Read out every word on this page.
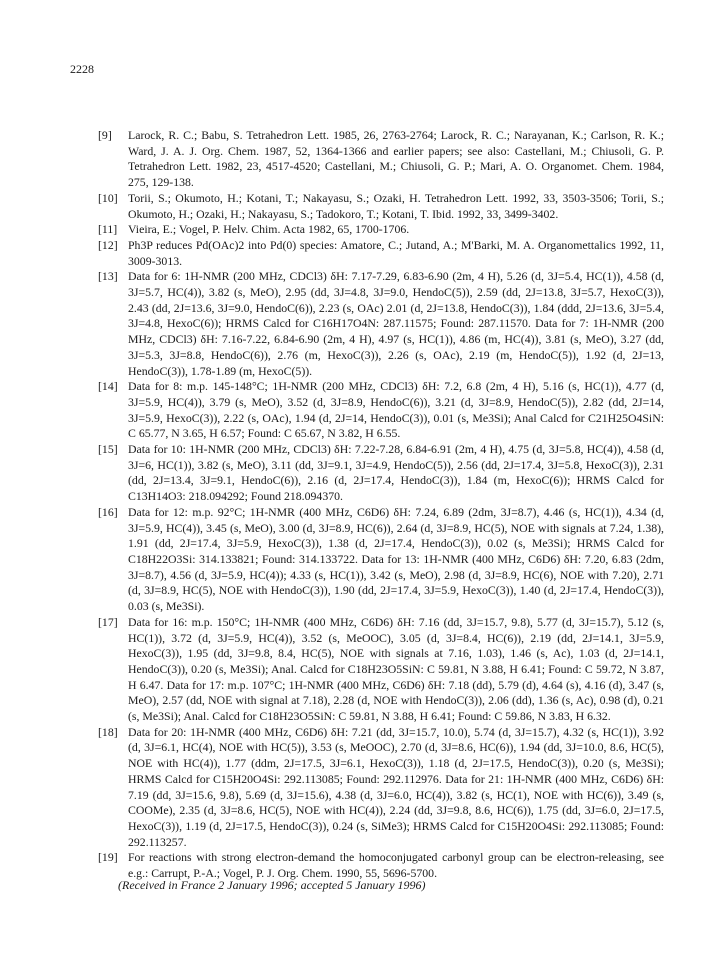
2228
[9] Larock, R. C.; Babu, S. Tetrahedron Lett. 1985, 26, 2763-2764; Larock, R. C.; Narayanan, K.; Carlson, R. K.; Ward, J. A. J. Org. Chem. 1987, 52, 1364-1366 and earlier papers; see also: Castellani, M.; Chiusoli, G. P. Tetrahedron Lett. 1982, 23, 4517-4520; Castellani, M.; Chiusoli, G. P.; Mari, A. O. Organomet. Chem. 1984, 275, 129-138.
[10] Torii, S.; Okumoto, H.; Kotani, T.; Nakayasu, S.; Ozaki, H. Tetrahedron Lett. 1992, 33, 3503-3506; Torii, S.; Okumoto, H.; Ozaki, H.; Nakayasu, S.; Tadokoro, T.; Kotani, T. Ibid. 1992, 33, 3499-3402.
[11] Vieira, E.; Vogel, P. Helv. Chim. Acta 1982, 65, 1700-1706.
[12] Ph3P reduces Pd(OAc)2 into Pd(0) species: Amatore, C.; Jutand, A.; M'Barki, M. A. Organomettalics 1992, 11, 3009-3013.
[13] Data for 6: 1H-NMR (200 MHz, CDCl3) δH: 7.17-7.29, 6.83-6.90 (2m, 4 H), 5.26 (d, 3J=5.4, HC(1)), 4.58 (d, 3J=5.7, HC(4)), 3.82 (s, MeO), 2.95 (dd, 3J=4.8, 3J=9.0, HendoC(5)), 2.59 (dd, 2J=13.8, 3J=5.7, HexoC(3)), 2.43 (dd, 2J=13.6, 3J=9.0, HendoC(6)), 2.23 (s, OAc) 2.01 (d, 2J=13.8, HendoC(3)), 1.84 (ddd, 2J=13.6, 3J=5.4, 3J=4.8, HexoC(6)); HRMS Calcd for C16H17O4N: 287.11575; Found: 287.11570. Data for 7: 1H-NMR (200 MHz, CDCl3) δH: 7.16-7.22, 6.84-6.90 (2m, 4 H), 4.97 (s, HC(1)), 4.86 (m, HC(4)), 3.81 (s, MeO), 3.27 (dd, 3J=5.3, 3J=8.8, HendoC(6)), 2.76 (m, HexoC(3)), 2.26 (s, OAc), 2.19 (m, HendoC(5)), 1.92 (d, 2J=13, HendoC(3)), 1.78-1.89 (m, HexoC(5)).
[14] Data for 8: m.p. 145-148°C; 1H-NMR (200 MHz, CDCl3) δH: 7.2, 6.8 (2m, 4 H), 5.16 (s, HC(1)), 4.77 (d, 3J=5.9, HC(4)), 3.79 (s, MeO), 3.52 (d, 3J=8.9, HendoC(6)), 3.21 (d, 3J=8.9, HendoC(5)), 2.82 (dd, 2J=14, 3J=5.9, HexoC(3)), 2.22 (s, OAc), 1.94 (d, 2J=14, HendoC(3)), 0.01 (s, Me3Si); Anal Calcd for C21H25O4SiN: C 65.77, N 3.65, H 6.57; Found: C 65.67, N 3.82, H 6.55.
[15] Data for 10: 1H-NMR (200 MHz, CDCl3) δH: 7.22-7.28, 6.84-6.91 (2m, 4 H), 4.75 (d, 3J=5.8, HC(4)), 4.58 (d, 3J=6, HC(1)), 3.82 (s, MeO), 3.11 (dd, 3J=9.1, 3J=4.9, HendoC(5)), 2.56 (dd, 2J=17.4, 3J=5.8, HexoC(3)), 2.31 (dd, 2J=13.4, 3J=9.1, HendoC(6)), 2.16 (d, 2J=17.4, HendoC(3)), 1.84 (m, HexoC(6)); HRMS Calcd for C13H14O3: 218.094292; Found 218.094370.
[16] Data for 12: m.p. 92°C; 1H-NMR (400 MHz, C6D6) δH: 7.24, 6.89 (2dm, 3J=8.7), 4.46 (s, HC(1)), 4.34 (d, 3J=5.9, HC(4)), 3.45 (s, MeO), 3.00 (d, 3J=8.9, HC(6)), 2.64 (d, 3J=8.9, HC(5), NOE with signals at 7.24, 1.38), 1.91 (dd, 2J=17.4, 3J=5.9, HexoC(3)), 1.38 (d, 2J=17.4, HendoC(3)), 0.02 (s, Me3Si); HRMS Calcd for C18H22O3Si: 314.133821; Found: 314.133722. Data for 13: 1H-NMR (400 MHz, C6D6) δH: 7.20, 6.83 (2dm, 3J=8.7), 4.56 (d, 3J=5.9, HC(4)); 4.33 (s, HC(1)), 3.42 (s, MeO), 2.98 (d, 3J=8.9, HC(6), NOE with 7.20), 2.71 (d, 3J=8.9, HC(5), NOE with HendoC(3)), 1.90 (dd, 2J=17.4, 3J=5.9, HexoC(3)), 1.40 (d, 2J=17.4, HendoC(3)), 0.03 (s, Me3Si).
[17] Data for 16: m.p. 150°C; 1H-NMR (400 MHz, C6D6) δH: 7.16 (dd, 3J=15.7, 9.8), 5.77 (d, 3J=15.7), 5.12 (s, HC(1)), 3.72 (d, 3J=5.9, HC(4)), 3.52 (s, MeOOC), 3.05 (d, 3J=8.4, HC(6)), 2.19 (dd, 2J=14.1, 3J=5.9, HexoC(3)), 1.95 (dd, 3J=9.8, 8.4, HC(5), NOE with signals at 7.16, 1.03), 1.46 (s, Ac), 1.03 (d, 2J=14.1, HendoC(3)), 0.20 (s, Me3Si); Anal. Calcd for C18H23O5SiN: C 59.81, N 3.88, H 6.41; Found: C 59.72, N 3.87, H 6.47. Data for 17: m.p. 107°C; 1H-NMR (400 MHz, C6D6) δH: 7.18 (dd), 5.79 (d), 4.64 (s), 4.16 (d), 3.47 (s, MeO), 2.57 (dd, NOE with signal at 7.18), 2.28 (d, NOE with HendoC(3)), 2.06 (dd), 1.36 (s, Ac), 0.98 (d), 0.21 (s, Me3Si); Anal. Calcd for C18H23O5SiN: C 59.81, N 3.88, H 6.41; Found: C 59.86, N 3.83, H 6.32.
[18] Data for 20: 1H-NMR (400 MHz, C6D6) δH: 7.21 (dd, 3J=15.7, 10.0), 5.74 (d, 3J=15.7), 4.32 (s, HC(1)), 3.92 (d, 3J=6.1, HC(4), NOE with HC(5)), 3.53 (s, MeOOC), 2.70 (d, 3J=8.6, HC(6)), 1.94 (dd, 3J=10.0, 8.6, HC(5), NOE with HC(4)), 1.77 (ddm, 2J=17.5, 3J=6.1, HexoC(3)), 1.18 (d, 2J=17.5, HendoC(3)), 0.20 (s, Me3Si); HRMS Calcd for C15H20O4Si: 292.113085; Found: 292.112976. Data for 21: 1H-NMR (400 MHz, C6D6) δH: 7.19 (dd, 3J=15.6, 9.8), 5.69 (d, 3J=15.6), 4.38 (d, 3J=6.0, HC(4)), 3.82 (s, HC(1), NOE with HC(6)), 3.49 (s, COOMe), 2.35 (d, 3J=8.6, HC(5), NOE with HC(4)), 2.24 (dd, 3J=9.8, 8.6, HC(6)), 1.75 (dd, 3J=6.0, 2J=17.5, HexoC(3)), 1.19 (d, 2J=17.5, HendoC(3)), 0.24 (s, SiMe3); HRMS Calcd for C15H20O4Si: 292.113085; Found: 292.113257.
[19] For reactions with strong electron-demand the homoconjugated carbonyl group can be electron-releasing, see e.g.: Carrupt, P.-A.; Vogel, P. J. Org. Chem. 1990, 55, 5696-5700.
(Received in France 2 January 1996; accepted 5 January 1996)
